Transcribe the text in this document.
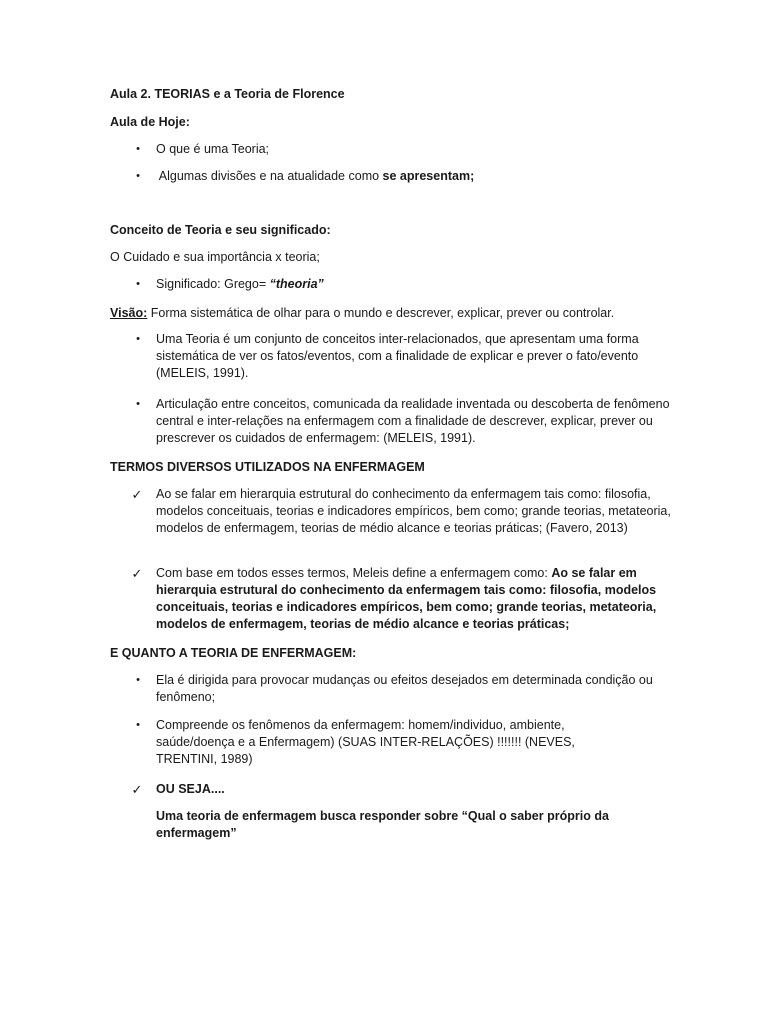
Aula 2. TEORIAS e a Teoria de Florence

Aula de Hoje:

•	O que é uma Teoria;

•	Algumas divisões e na atualidade como se apresentam;

Conceito de Teoria e seu significado:

O Cuidado e sua importância x teoria;

•	Significado: Grego= “theoria”

Visão: Forma sistemática de olhar para o mundo e descrever, explicar, prever ou controlar.

•	Uma Teoria é um conjunto de conceitos inter-relacionados, que apresentam uma forma sistemática de ver os fatos/eventos, com a finalidade de explicar e prever o fato/evento (MELEIS, 1991).

•	Articulação entre conceitos, comunicada da realidade inventada ou descoberta de fenômeno central e inter-relações na enfermagem com a finalidade de descrever, explicar, prever ou prescrever os cuidados de enfermagem: (MELEIS, 1991).

TERMOS DIVERSOS UTILIZADOS NA ENFERMAGEM

✓ Ao se falar em hierarquia estrutural do conhecimento da enfermagem tais como: filosofia, modelos conceituais, teorias e indicadores empíricos, bem como; grande teorias, metateoria, modelos de enfermagem, teorias de médio alcance e teorias práticas; (Favero, 2013)

✓ Com base em todos esses termos, Meleis define a enfermagem como: Ao se falar em hierarquia estrutural do conhecimento da enfermagem tais como: filosofia, modelos conceituais, teorias e indicadores empíricos, bem como; grande teorias, metateoria, modelos de enfermagem, teorias de médio alcance e teorias práticas;

E QUANTO A TEORIA DE ENFERMAGEM:

•	Ela é dirigida para provocar mudanças ou efeitos desejados em determinada condição ou fenômeno;

•	Compreende os fenômenos da enfermagem: homem/individuo, ambiente, saúde/doença e a Enfermagem) (SUAS INTER-RELAÇÕES) !!!!!!! (NEVES, TRENTINI, 1989)

✓ OU SEJA....

Uma teoria de enfermagem busca responder sobre “Qual o saber próprio da enfermagem”
